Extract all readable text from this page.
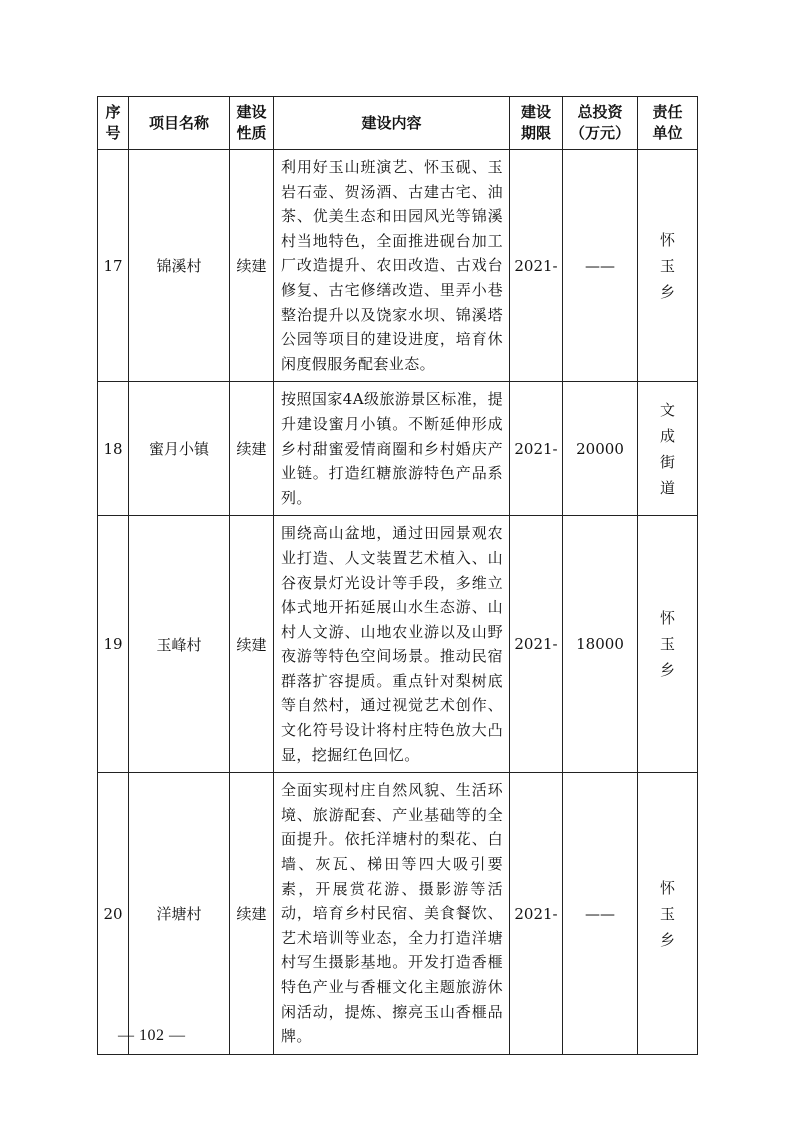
序号	项目名称	建设性质	建设内容	建设期限	总投资（万元）	责任单位
17	锦溪村	续建	利用好玉山班演艺、怀玉砚、玉岩石壶、贺汤酒、古建古宅、油茶、优美生态和田园风光等锦溪村当地特色，全面推进砚台加工厂改造提升、农田改造、古戏台修复、古宅修缮改造、里弄小巷整治提升以及饶家水坝、锦溪塔公园等项目的建设进度，培育休闲度假服务配套业态。	2021-	——	怀玉乡
18	蜜月小镇	续建	按照国家4A级旅游景区标准，提升建设蜜月小镇。不断延伸形成乡村甜蜜爱情商圈和乡村婚庆产业链。打造红糖旅游特色产品系列。	2021-	20000	文成街道
19	玉峰村	续建	围绕高山盆地，通过田园景观农业打造、人文装置艺术植入、山谷夜景灯光设计等手段，多维立体式地开拓延展山水生态游、山村人文游、山地农业游以及山野夜游等特色空间场景。推动民宿群落扩容提质。重点针对梨树底等自然村，通过视觉艺术创作、文化符号设计将村庄特色放大凸显，挖掘红色回忆。	2021-	18000	怀玉乡
20	洋塘村	续建	全面实现村庄自然风貌、生活环境、旅游配套、产业基础等的全面提升。依托洋塘村的梨花、白墙、灰瓦、梯田等四大吸引要素，开展赏花游、摄影游等活动，培育乡村民宿、美食餐饮、艺术培训等业态，全力打造洋塘村写生摄影基地。开发打造香榧特色产业与香榧文化主题旅游休闲活动，提炼、擦亮玉山香榧品牌。	2021-	——	怀玉乡
— 102 —
